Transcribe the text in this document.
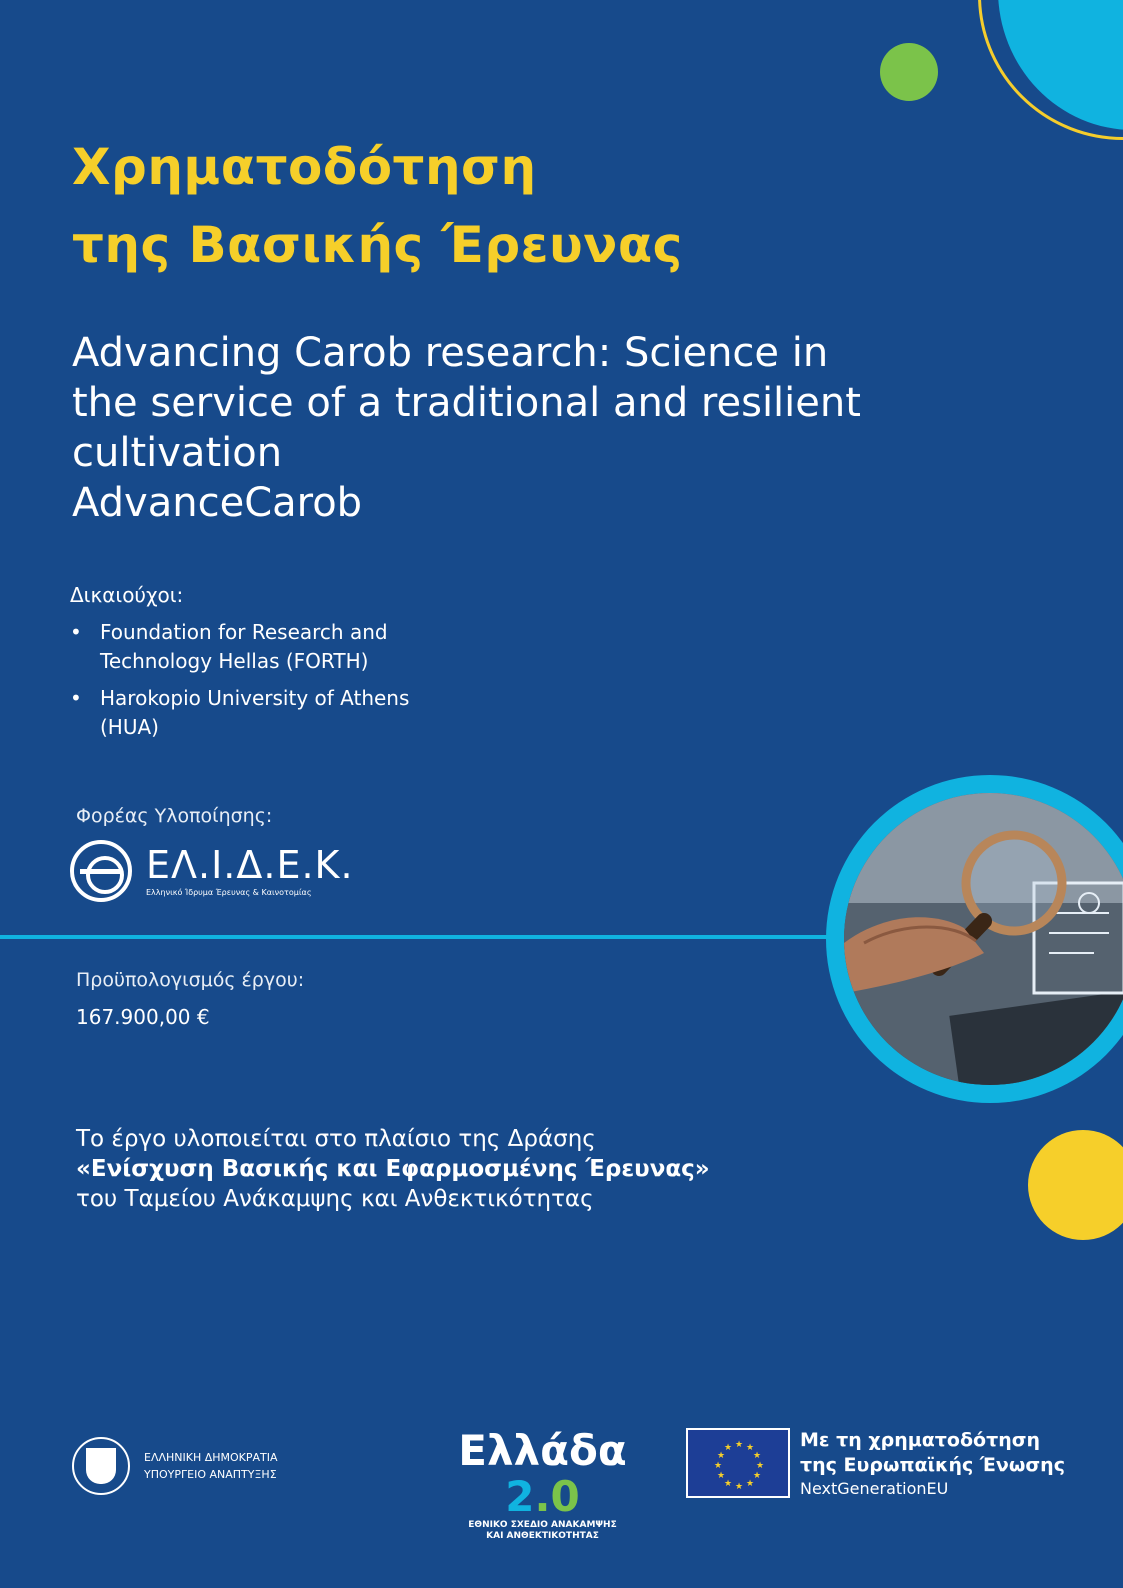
Χρηματοδότηση
της Βασικής Έρευνας
Advancing Carob research: Science in
the service of a traditional and resilient
cultivation
AdvanceCarob
Δικαιούχοι:
• Foundation for Research and
Technology Hellas (FORTH)
• Harokopio University of Athens
(HUA)
Φορέας Υλοποίησης:
ΕΛ.Ι.Δ.Ε.Κ.
Ελληνικό Ίδρυμα Έρευνας & Καινοτομίας
Προϋπολογισμός έργου:
167.900,00 €
Το έργο υλοποιείται στο πλαίσιο της Δράσης
«Ενίσχυση Βασικής και Εφαρμοσμένης Έρευνας»
του Ταμείου Ανάκαμψης και Ανθεκτικότητας
ΕΛΛΗΝΙΚΗ ΔΗΜΟΚΡΑΤΙΑ
ΥΠΟΥΡΓΕΙΟ ΑΝΑΠΤΥΞΗΣ	Ελλάδα 2.0
ΕΘΝΙΚΟ ΣΧΕΔΙΟ ΑΝΑΚΑΜΨΗΣ
ΚΑΙ ΑΝΘΕΚΤΙΚΟΤΗΤΑΣ
★ ★
★
★
★
★
★
★
★
★
★
★	Με τη χρηματοδότηση
της Ευρωπαϊκής Ένωσης
NextGenerationEU
